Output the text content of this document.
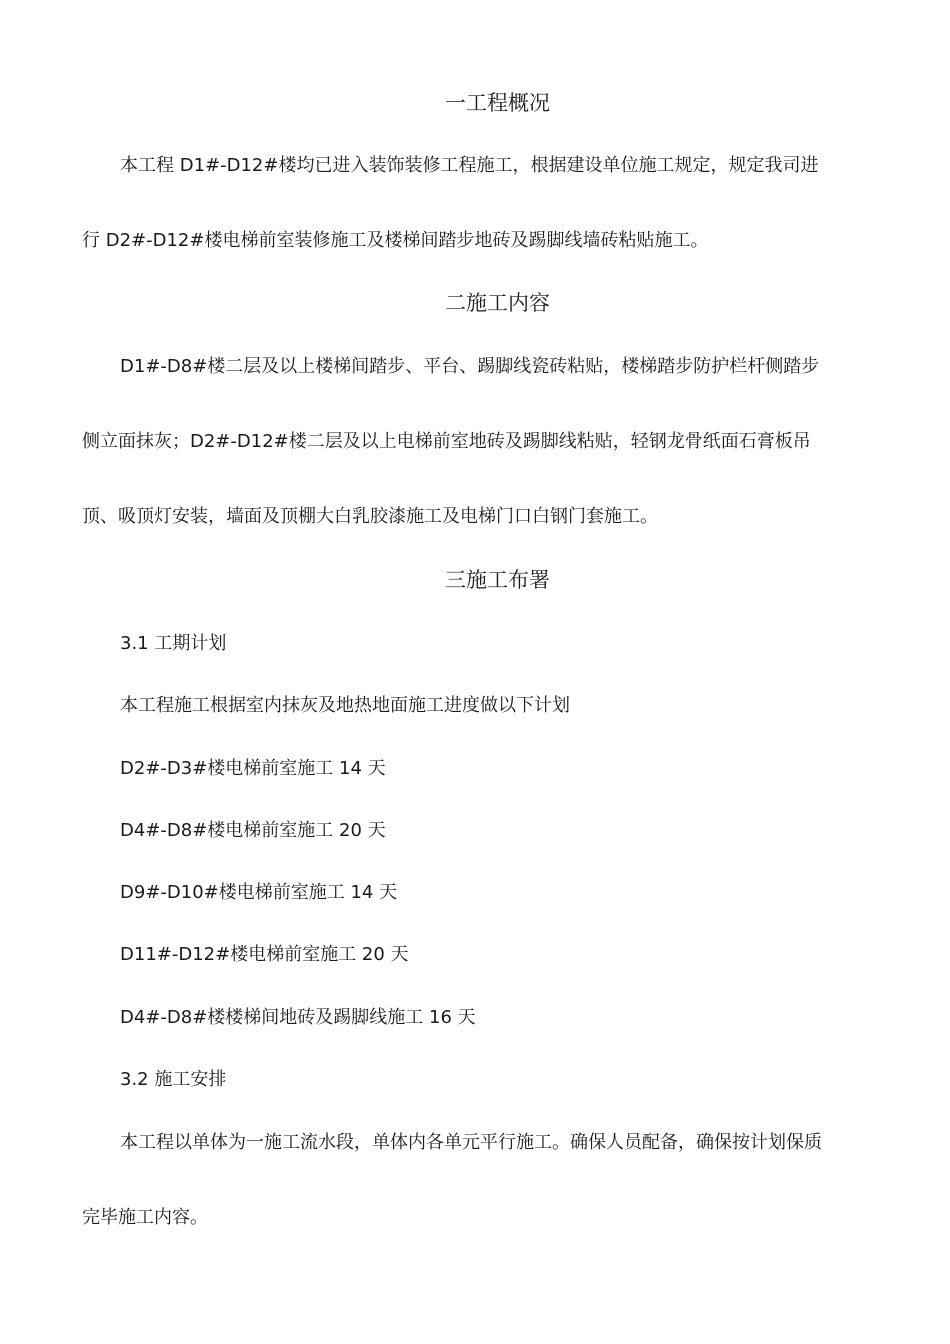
一工程概况
本工程 D1#-D12#楼均已进入装饰装修工程施工，根据建设单位施工规定，规定我司进
行 D2#-D12#楼电梯前室装修施工及楼梯间踏步地砖及踢脚线墙砖粘贴施工。
二施工内容
D1#-D8#楼二层及以上楼梯间踏步、平台、踢脚线瓷砖粘贴，楼梯踏步防护栏杆侧踏步
侧立面抹灰；D2#-D12#楼二层及以上电梯前室地砖及踢脚线粘贴，轻钢龙骨纸面石膏板吊
顶、吸顶灯安装，墙面及顶棚大白乳胶漆施工及电梯门口白钢门套施工。
三施工布署
3.1 工期计划
本工程施工根据室内抹灰及地热地面施工进度做以下计划
D2#-D3#楼电梯前室施工 14 天
D4#-D8#楼电梯前室施工 20 天
D9#-D10#楼电梯前室施工 14 天
D11#-D12#楼电梯前室施工 20 天
D4#-D8#楼楼梯间地砖及踢脚线施工 16 天
3.2 施工安排
本工程以单体为一施工流水段，单体内各单元平行施工。确保人员配备，确保按计划保质
完毕施工内容。
